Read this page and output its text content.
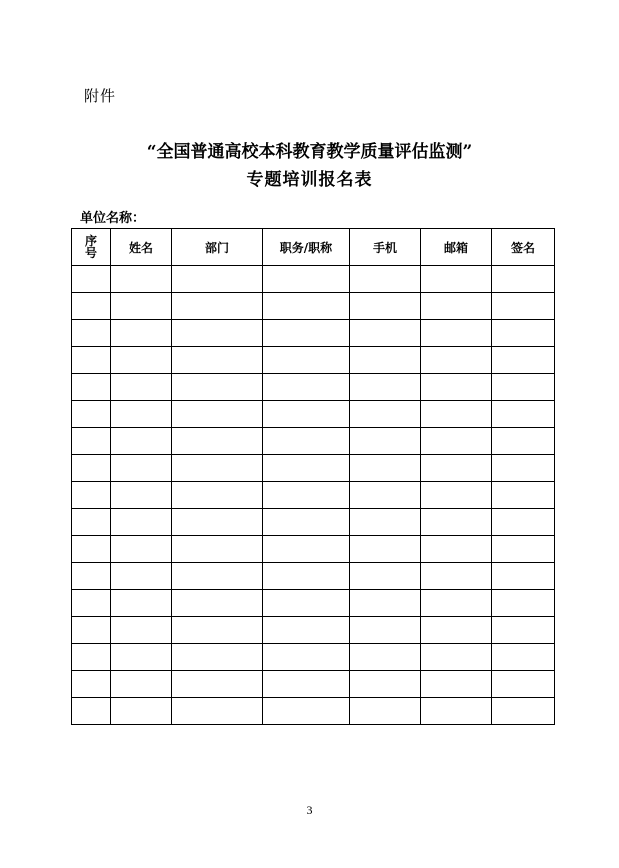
附件
“全国普通高校本科教育教学质量评估监测”
专题培训报名表
单位名称：
序
号	姓名	部门	职务/职称	手机	邮箱	签名

3
